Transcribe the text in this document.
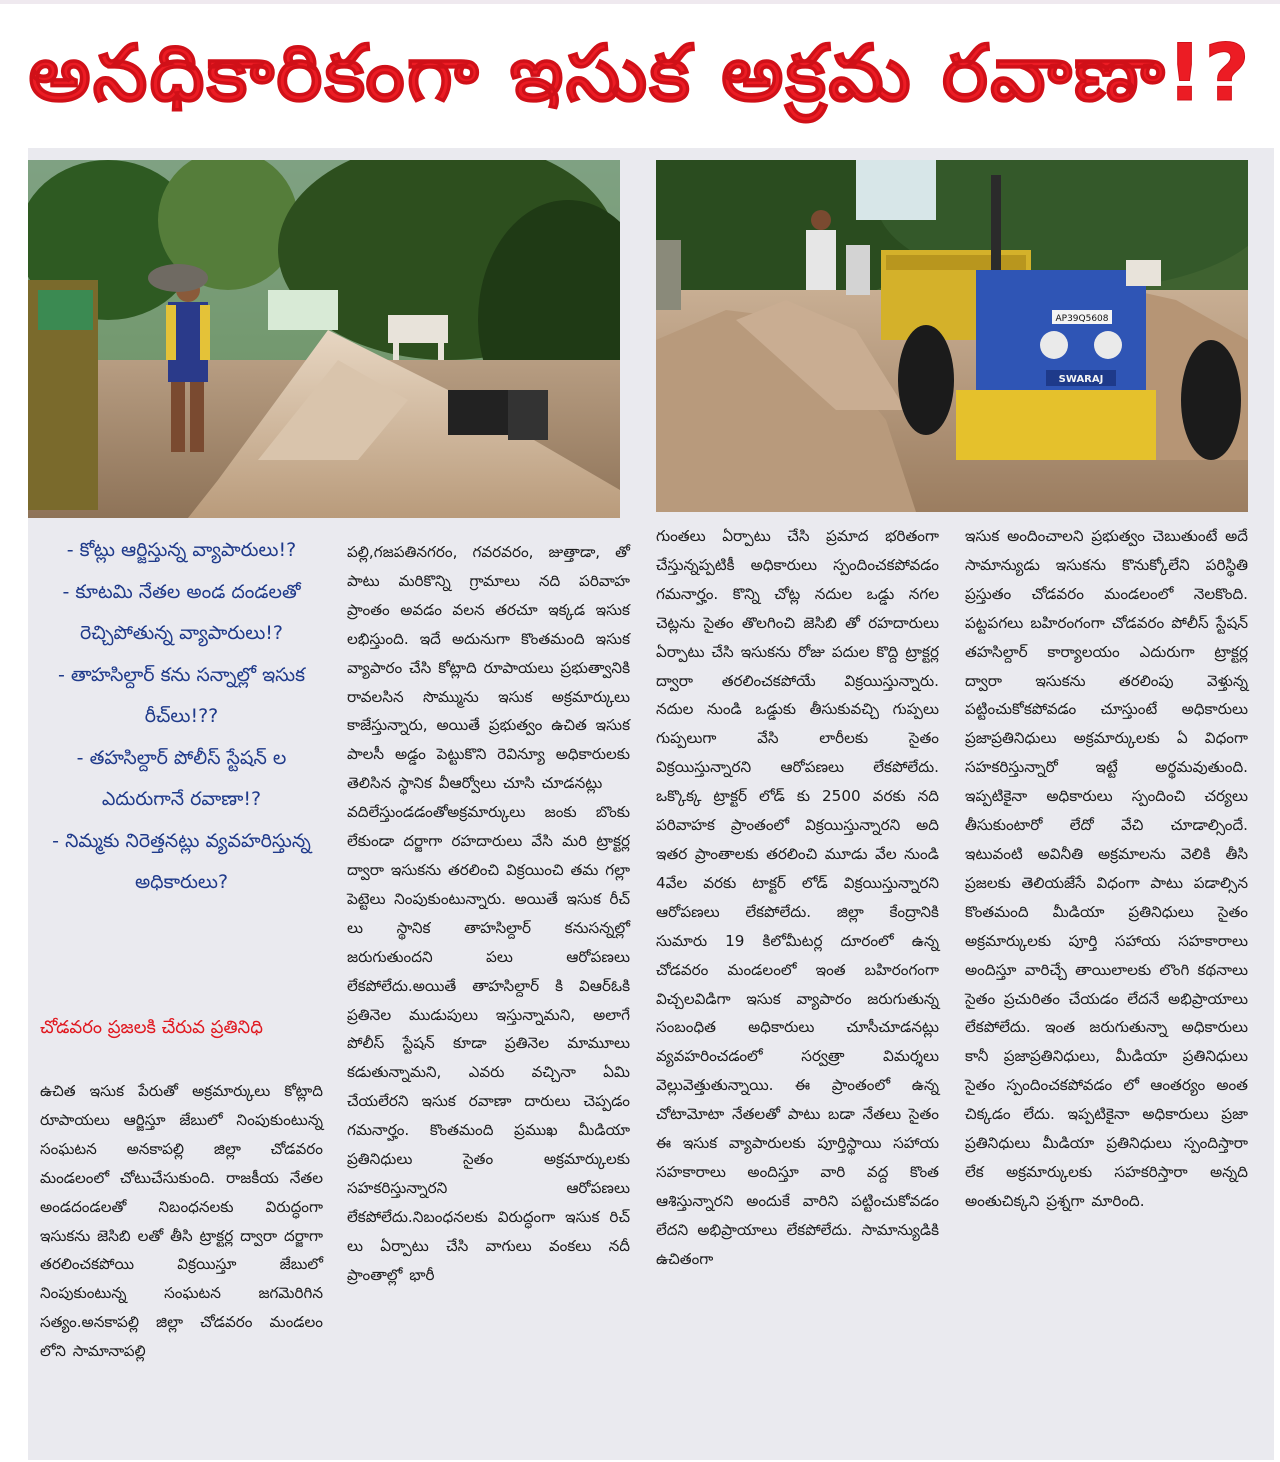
అనధికారికంగా ఇసుక అక్రమ రవాణా!?
AP39Q5608
SWARAJ
- కోట్లు ఆర్జిస్తున్న వ్యాపారులు!?
- కూటమి నేతల అండ దండలతో రెచ్చిపోతున్న వ్యాపారులు!?
- తాహసిల్దార్ కను సన్నాల్లో ఇసుక రీచ్‌లు!??
- తహసిల్దార్ పోలీస్ స్టేషన్ ల ఎదురుగానే రవాణా!?
- నిమ్మకు నిరెత్తనట్లు వ్యవహరిస్తున్న అధికారులు?
చోడవరం ప్రజలకి చేరువ ప్రతినిధి

ఉచిత ఇసుక పేరుతో అక్రమార్కులు కోట్లాది రూపాయలు ఆర్జిస్తూ జేబులో నింపుకుంటున్న సంఘటన అనకాపల్లి జిల్లా చోడవరం మండలంలో చోటుచేసుకుంది. రాజకీయ నేతల అండదండలతో నిబంధనలకు విరుద్ధంగా ఇసుకను జెసిబి లతో తీసి ట్రాక్టర్ల ద్వారా దర్జాగా తరలించకపోయి విక్రయిస్తూ జేబులో నింపుకుంటున్న సంఘటన జగమెరిగిన సత్యం.అనకాపల్లి జిల్లా చోడవరం మండలం లోని సామానాపల్లి

పల్లి,గజపతినగరం, గవరవరం, జుత్తాడా, తో పాటు మరికొన్ని గ్రామాలు నది పరివాహ ప్రాంతం అవడం వలన తరచూ ఇక్కడ ఇసుక లభిస్తుంది. ఇదే అదునుగా కొంతమంది ఇసుక వ్యాపారం చేసి కోట్లాది రూపాయలు ప్రభుత్వానికి రావలసిన సొమ్మును ఇసుక అక్రమార్కులు కాజేస్తున్నారు, అయితే ప్రభుత్వం ఉచిత ఇసుక పాలసీ అడ్డం పెట్టుకొని రెవిన్యూ అధికారులకు తెలిసిన స్థానిక వీఆర్వోలు చూసి చూడనట్లు

వదిలేస్తుండడంతోఅక్రమార్కులు జంకు బొంకు లేకుండా దర్జాగా రహదారులు వేసి మరి ట్రాక్టర్ల ద్వారా ఇసుకను తరలించి విక్రయించి తమ గల్లా పెట్టెలు నింపుకుంటున్నారు. అయితే ఇసుక రీచ్ లు స్థానిక తాహసిల్దార్ కనుసన్నల్లో జరుగుతుందని పలు ఆరోపణలు లేకపోలేదు.అయితే తాహసిల్దార్ కి విఆర్ఓకి ప్రతినెల ముడుపులు ఇస్తున్నామని, అలాగే పోలీస్ స్టేషన్ కూడా ప్రతినెల మామూలు కడుతున్నామని, ఎవరు వచ్చినా ఏమి చేయలేరని ఇసుక రవాణా దారులు చెప్పడం గమనార్హం. కొంతమంది ప్రముఖ మీడియా ప్రతినిధులు సైతం అక్రమార్కులకు సహకరిస్తున్నారని ఆరోపణలు లేకపోలేదు.నిబంధనలకు విరుద్ధంగా ఇసుక రిచ్ లు ఏర్పాటు చేసి వాగులు వంకలు నదీ ప్రాంతాల్లో భారీ

గుంతలు ఏర్పాటు చేసి ప్రమాద భరితంగా చేస్తున్నప్పటికీ అధికారులు స్పందించకపోవడం గమనార్హం. కొన్ని చోట్ల నదుల ఒడ్డు నగల చెట్లను సైతం తొలగించి జెసిబి తో రహదారులు ఏర్పాటు చేసి ఇసుకను రోజు పదుల కొద్ది ట్రాక్టర్ల ద్వారా తరలించకపోయే విక్రయిస్తున్నారు. నదుల నుండి ఒడ్డుకు తీసుకువచ్చి గుప్పలు గుప్పలుగా వేసి లారీలకు సైతం విక్రయిస్తున్నారని ఆరోపణలు లేకపోలేదు. ఒక్కొక్క ట్రాక్టర్ లోడ్ కు 2500 వరకు నది పరివాహక ప్రాంతంలో విక్రయిస్తున్నారని అది ఇతర ప్రాంతాలకు తరలించి మూడు వేల నుండి 4వేల వరకు టాక్టర్ లోడ్ విక్రయిస్తున్నారని ఆరోపణలు లేకపోలేదు. జిల్లా కేంద్రానికి సుమారు 19 కిలోమీటర్ల దూరంలో ఉన్న చోడవరం మండలంలో ఇంత బహిరంగంగా విచ్చలవిడిగా ఇసుక వ్యాపారం జరుగుతున్న సంబంధిత అధికారులు చూసీచూడనట్లు వ్యవహరించడంలో సర్వత్రా విమర్శలు వెల్లువెత్తుతున్నాయి. ఈ ప్రాంతంలో ఉన్న చోటామోటా నేతలతో పాటు బడా నేతలు సైతం ఈ ఇసుక వ్యాపారులకు పూర్తిస్థాయి సహాయ సహకారాలు అందిస్తూ వారి వద్ద కొంత ఆశిస్తున్నారని అందుకే వారిని పట్టించుకోవడం లేదని అభిప్రాయాలు లేకపోలేదు. సామాన్యుడికి ఉచితంగా

ఇసుక అందించాలని ప్రభుత్వం చెబుతుంటే అదే సామాన్యుడు ఇసుకను కొనుక్కోలేని పరిస్థితి ప్రస్తుతం చోడవరం మండలంలో నెలకొంది. పట్టపగలు బహిరంగంగా చోడవరం పోలీస్ స్టేషన్ తహసిల్దార్ కార్యాలయం ఎదురుగా ట్రాక్టర్ల ద్వారా ఇసుకను తరలింపు వెళ్తున్న పట్టించుకోకపోవడం చూస్తుంటే అధికారులు ప్రజాప్రతినిధులు అక్రమార్కులకు ఏ విధంగా సహకరిస్తున్నారో ఇట్టే అర్థమవుతుంది. ఇప్పటికైనా అధికారులు స్పందించి చర్యలు తీసుకుంటారో లేదో వేచి చూడాల్సిందే. ఇటువంటి అవినీతి అక్రమాలను వెలికి తీసి ప్రజలకు తెలియజేసే విధంగా పాటు పడాల్సిన కొంతమంది మీడియా ప్రతినిధులు సైతం అక్రమార్కులకు పూర్తి సహాయ సహకారాలు అందిస్తూ వారిచ్చే తాయిలాలకు లొంగి కథనాలు సైతం ప్రచురితం చేయడం లేదనే అభిప్రాయాలు లేకపోలేదు. ఇంత జరుగుతున్నా అధికారులు కానీ ప్రజాప్రతినిధులు, మీడియా ప్రతినిధులు సైతం స్పందించకపోవడం లో ఆంతర్యం అంత చిక్కడం లేదు. ఇప్పటికైనా అధికారులు ప్రజా ప్రతినిధులు మీడియా ప్రతినిధులు స్పందిస్తారా లేక అక్రమార్కులకు సహకరిస్తారా అన్నది అంతుచిక్కని ప్రశ్నగా మారింది.
